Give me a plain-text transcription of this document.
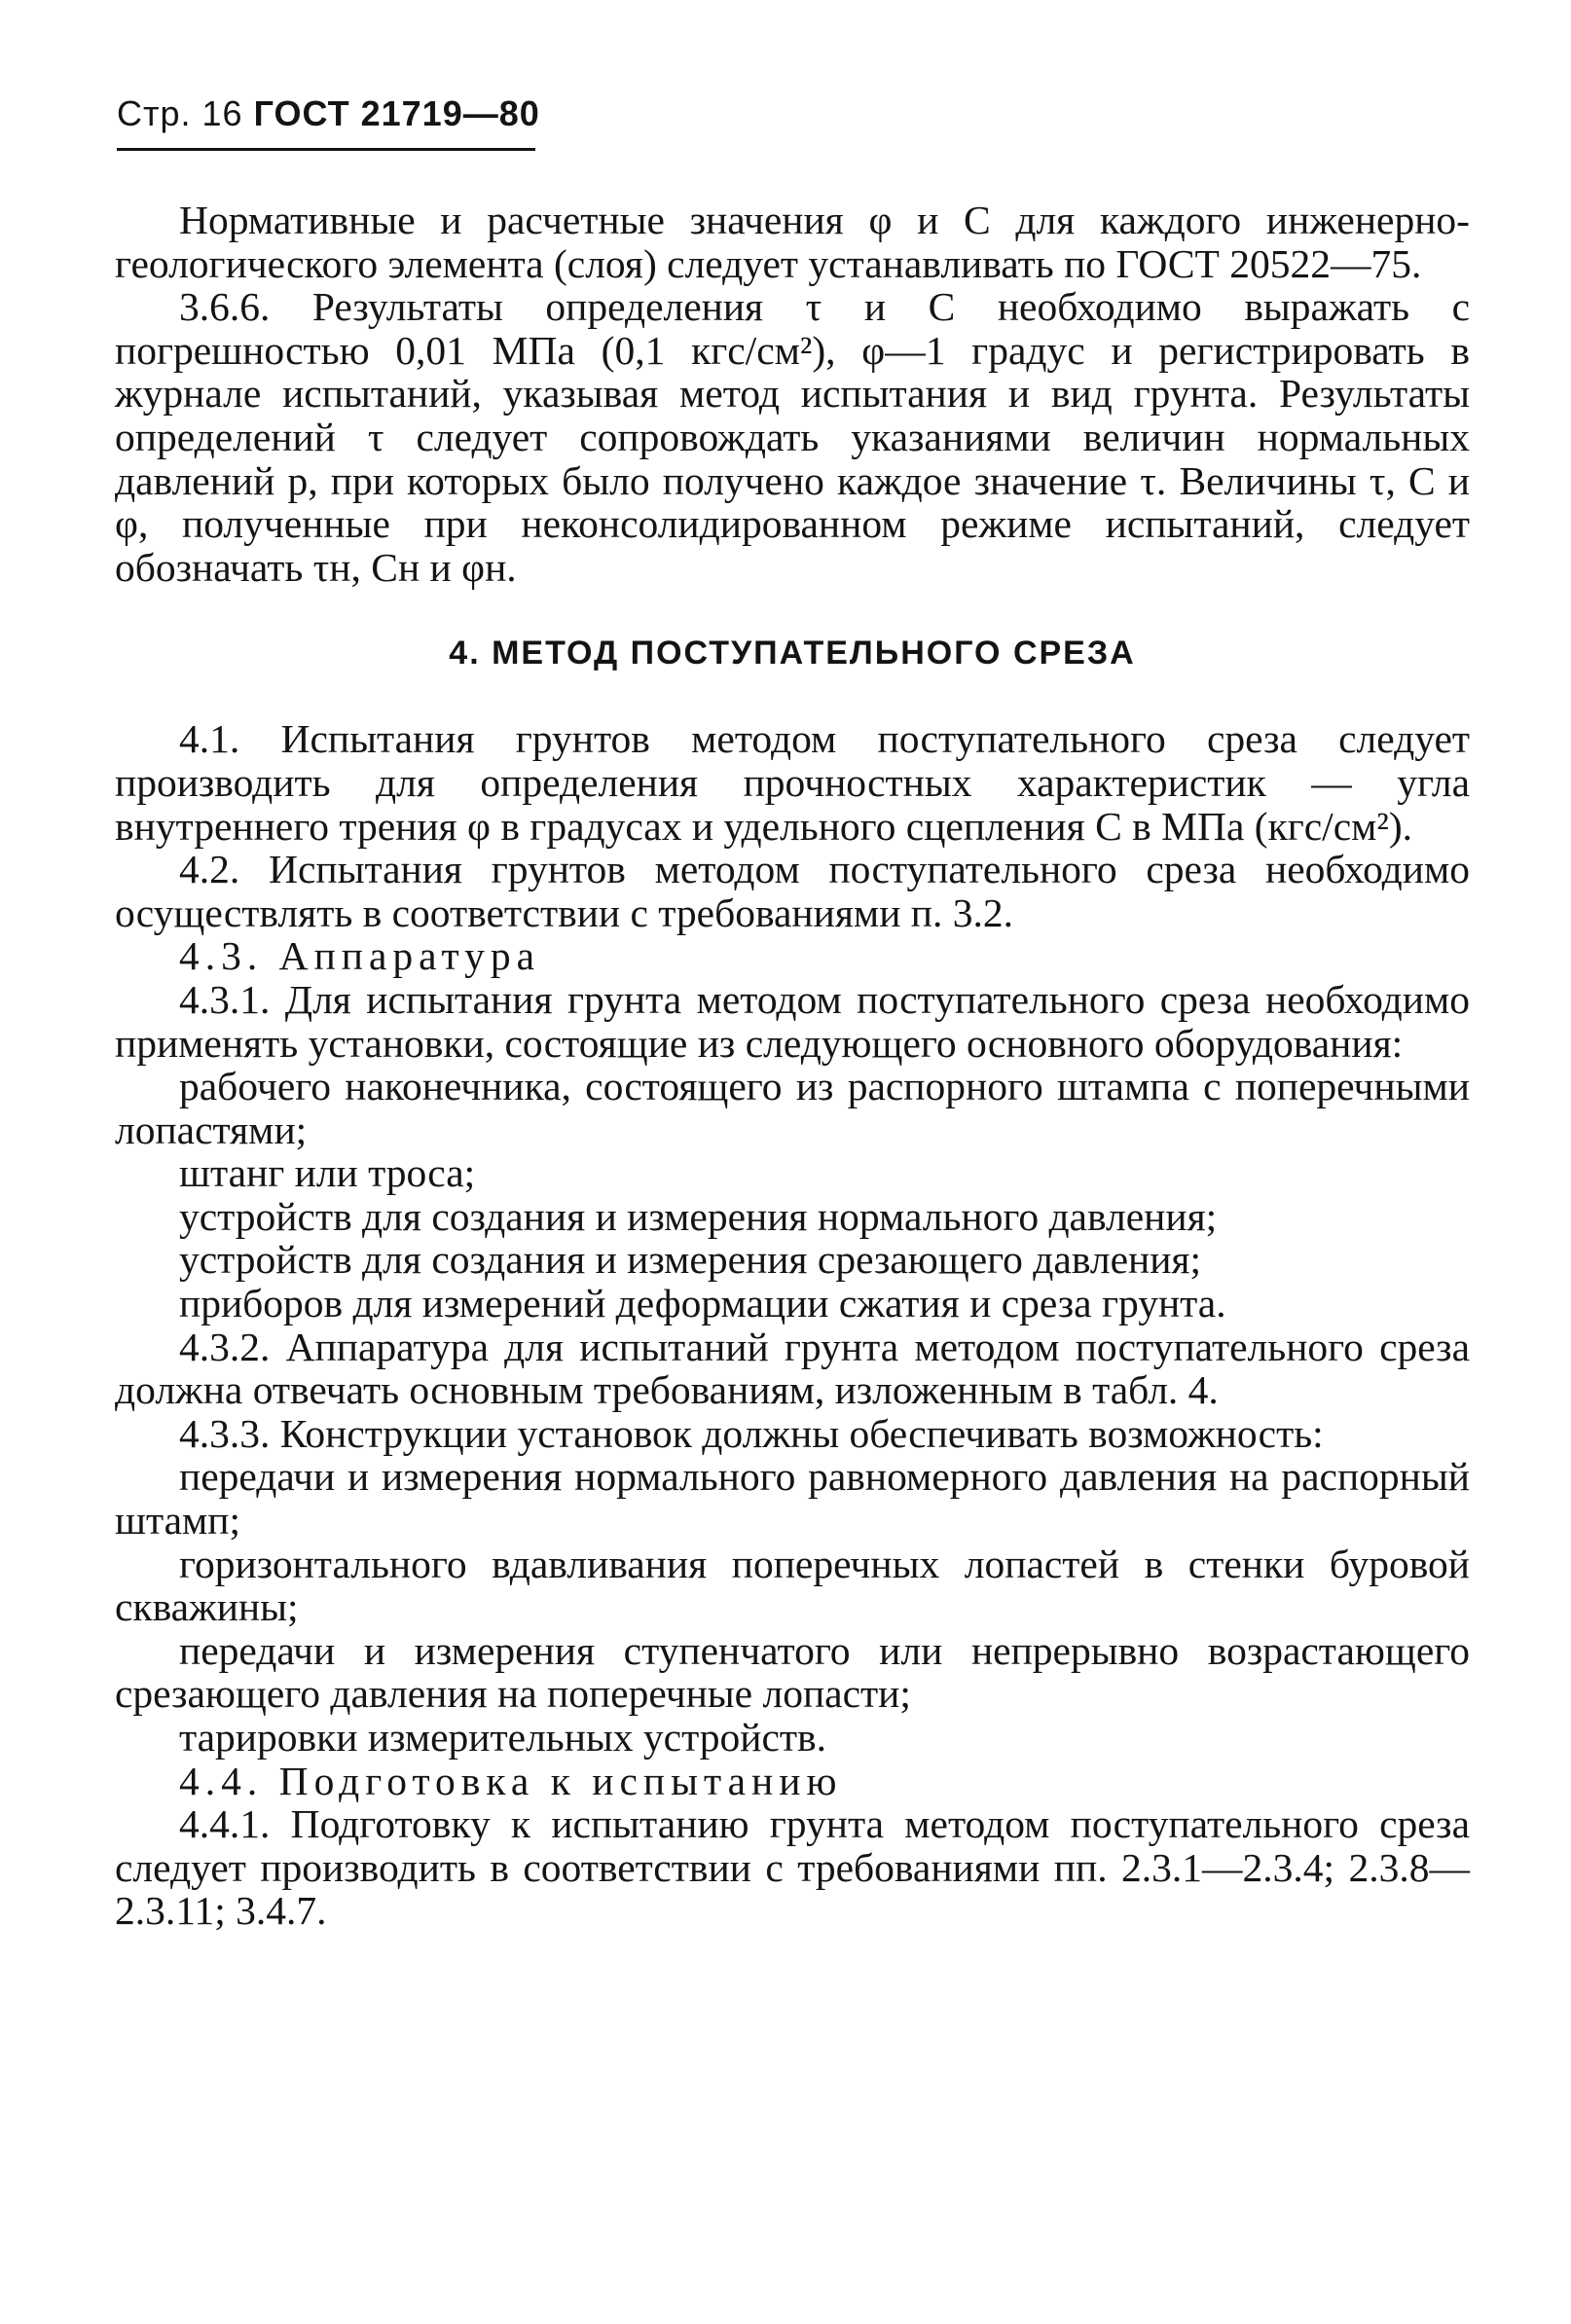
Стр. 16 ГОСТ 21719—80

Нормативные и расчетные значения φ и C для каждого инженерно-геологического элемента (слоя) следует устанавливать по ГОСТ 20522—75.

3.6.6. Результаты определения τ и C необходимо выражать с погрешностью 0,01 МПа (0,1 кгс/см²), φ—1 градус и регистрировать в журнале испытаний, указывая метод испытания и вид грунта. Результаты определений τ следует сопровождать указаниями величин нормальных давлений p, при которых было получено каждое значение τ. Величины τ, C и φ, полученные при неконсолидированном режиме испытаний, следует обозначать τн, Cн и φн.

4. МЕТОД ПОСТУПАТЕЛЬНОГО СРЕЗА

4.1. Испытания грунтов методом поступательного среза следует производить для определения прочностных характеристик — угла внутреннего трения φ в градусах и удельного сцепления C в МПа (кгс/см²).

4.2. Испытания грунтов методом поступательного среза необходимо осуществлять в соответствии с требованиями п. 3.2.

4.3. Аппаратура

4.3.1. Для испытания грунта методом поступательного среза необходимо применять установки, состоящие из следующего основного оборудования:

рабочего наконечника, состоящего из распорного штампа с поперечными лопастями;

штанг или троса;

устройств для создания и измерения нормального давления;

устройств для создания и измерения срезающего давления;

приборов для измерений деформации сжатия и среза грунта.

4.3.2. Аппаратура для испытаний грунта методом поступательного среза должна отвечать основным требованиям, изложенным в табл. 4.

4.3.3. Конструкции установок должны обеспечивать возможность:

передачи и измерения нормального равномерного давления на распорный штамп;

горизонтального вдавливания поперечных лопастей в стенки буровой скважины;

передачи и измерения ступенчатого или непрерывно возрастающего срезающего давления на поперечные лопасти;

тарировки измерительных устройств.

4.4. Подготовка к испытанию

4.4.1. Подготовку к испытанию грунта методом поступательного среза следует производить в соответствии с требованиями пп. 2.3.1—2.3.4; 2.3.8—2.3.11; 3.4.7.
